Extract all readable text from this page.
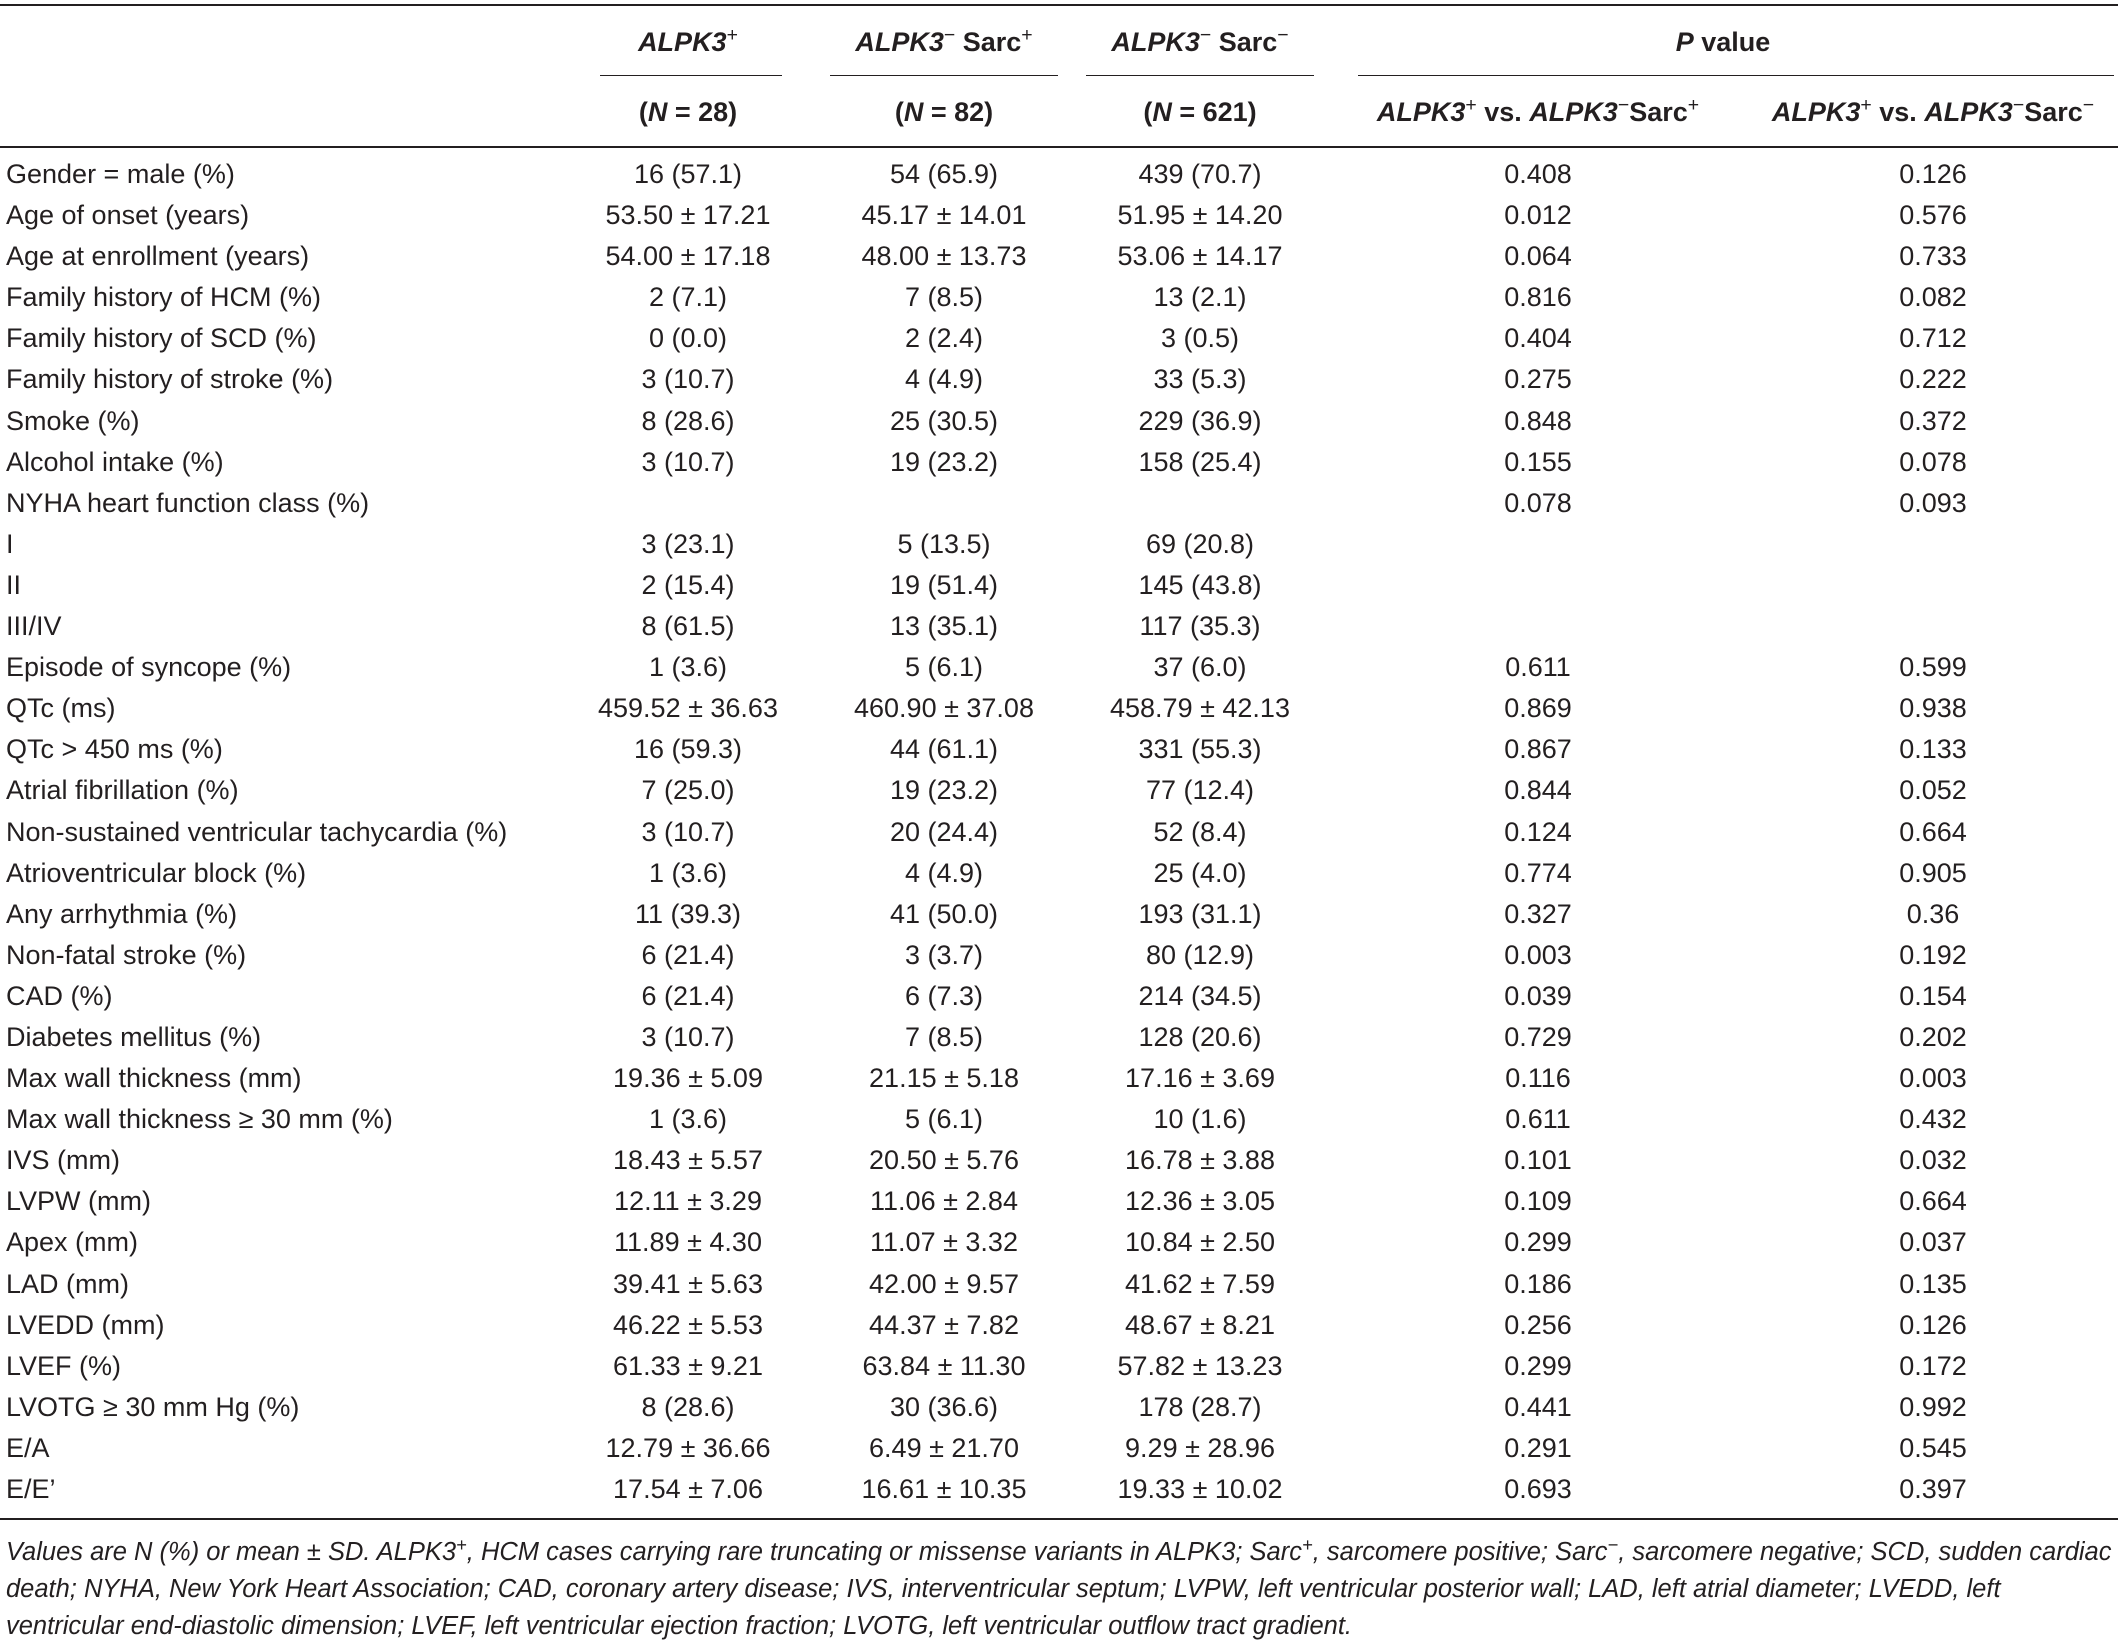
	ALPK3+	ALPK3− Sarc+	ALPK3− Sarc−	P value	

	(N = 28)	(N = 82)	(N = 621)	ALPK3+ vs. ALPK3−Sarc+	ALPK3+ vs. ALPK3−Sarc−
Gender = male (%)	16 (57.1)	54 (65.9)	439 (70.7)	0.408	0.126
Age of onset (years)	53.50 ± 17.21	45.17 ± 14.01	51.95 ± 14.20	0.012	0.576
Age at enrollment (years)	54.00 ± 17.18	48.00 ± 13.73	53.06 ± 14.17	0.064	0.733
Family history of HCM (%)	2 (7.1)	7 (8.5)	13 (2.1)	0.816	0.082
Family history of SCD (%)	0 (0.0)	2 (2.4)	3 (0.5)	0.404	0.712
Family history of stroke (%)	3 (10.7)	4 (4.9)	33 (5.3)	0.275	0.222
Smoke (%)	8 (28.6)	25 (30.5)	229 (36.9)	0.848	0.372
Alcohol intake (%)	3 (10.7)	19 (23.2)	158 (25.4)	0.155	0.078
NYHA heart function class (%)				0.078	0.093
I	3 (23.1)	5 (13.5)	69 (20.8)		
II	2 (15.4)	19 (51.4)	145 (43.8)		
III/IV	8 (61.5)	13 (35.1)	117 (35.3)		
Episode of syncope (%)	1 (3.6)	5 (6.1)	37 (6.0)	0.611	0.599
QTc (ms)	459.52 ± 36.63	460.90 ± 37.08	458.79 ± 42.13	0.869	0.938
QTc > 450 ms (%)	16 (59.3)	44 (61.1)	331 (55.3)	0.867	0.133
Atrial fibrillation (%)	7 (25.0)	19 (23.2)	77 (12.4)	0.844	0.052
Non-sustained ventricular tachycardia (%)	3 (10.7)	20 (24.4)	52 (8.4)	0.124	0.664
Atrioventricular block (%)	1 (3.6)	4 (4.9)	25 (4.0)	0.774	0.905
Any arrhythmia (%)	11 (39.3)	41 (50.0)	193 (31.1)	0.327	0.36
Non-fatal stroke (%)	6 (21.4)	3 (3.7)	80 (12.9)	0.003	0.192
CAD (%)	6 (21.4)	6 (7.3)	214 (34.5)	0.039	0.154
Diabetes mellitus (%)	3 (10.7)	7 (8.5)	128 (20.6)	0.729	0.202
Max wall thickness (mm)	19.36 ± 5.09	21.15 ± 5.18	17.16 ± 3.69	0.116	0.003
Max wall thickness ≥ 30 mm (%)	1 (3.6)	5 (6.1)	10 (1.6)	0.611	0.432
IVS (mm)	18.43 ± 5.57	20.50 ± 5.76	16.78 ± 3.88	0.101	0.032
LVPW (mm)	12.11 ± 3.29	11.06 ± 2.84	12.36 ± 3.05	0.109	0.664
Apex (mm)	11.89 ± 4.30	11.07 ± 3.32	10.84 ± 2.50	0.299	0.037
LAD (mm)	39.41 ± 5.63	42.00 ± 9.57	41.62 ± 7.59	0.186	0.135
LVEDD (mm)	46.22 ± 5.53	44.37 ± 7.82	48.67 ± 8.21	0.256	0.126
LVEF (%)	61.33 ± 9.21	63.84 ± 11.30	57.82 ± 13.23	0.299	0.172
LVOTG ≥ 30 mm Hg (%)	8 (28.6)	30 (36.6)	178 (28.7)	0.441	0.992
E/A	12.79 ± 36.66	6.49 ± 21.70	9.29 ± 28.96	0.291	0.545
E/E’	17.54 ± 7.06	16.61 ± 10.35	19.33 ± 10.02	0.693	0.397

Values are N (%) or mean ± SD. ALPK3+, HCM cases carrying rare truncating or missense variants in ALPK3; Sarc+, sarcomere positive; Sarc−, sarcomere negative; SCD, sudden cardiac death; NYHA, New York Heart Association; CAD, coronary artery disease; IVS, interventricular septum; LVPW, left ventricular posterior wall; LAD, left atrial diameter; LVEDD, left ventricular end-diastolic dimension; LVEF, left ventricular ejection fraction; LVOTG, left ventricular outflow tract gradient.
